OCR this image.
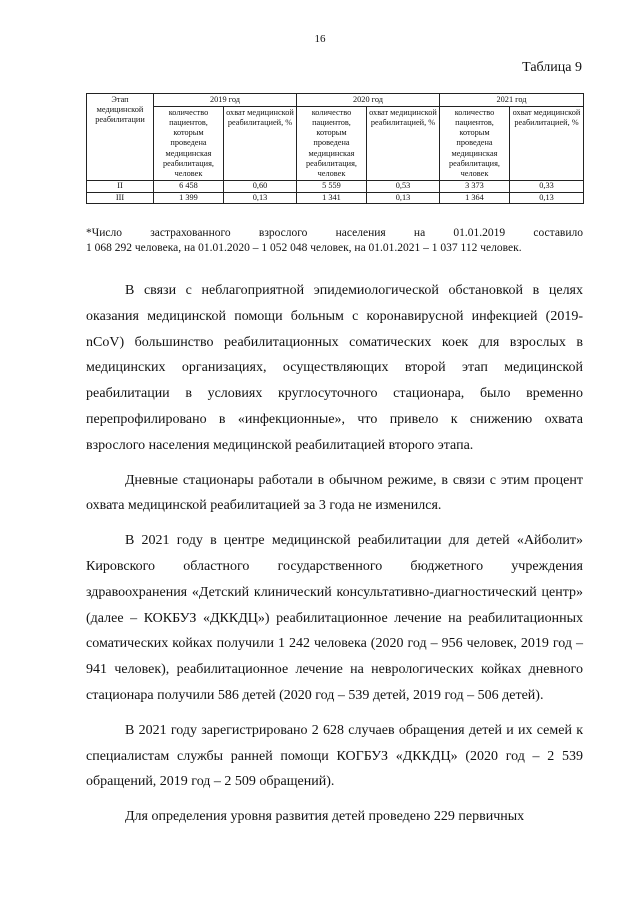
16
Таблица 9
Этап медицинской реабилитации	2019 год		2020 год		2021 год	
	количество пациентов, которым проведена медицинская реабилитация, человек	охват медицинской реабилитацией, %	количество пациентов, которым проведена медицинская реабилитация, человек	охват медицинской реабилитацией, %	количество пациентов, которым проведена медицинская реабилитация, человек	охват медицинской реабилитацией, %
II	6 458	0,60	5 559	0,53	3 373	0,33
III	1 399	0,13	1 341	0,13	1 364	0,13
*Число застрахованного взрослого населения на 01.01.2019 составило
1 068 292 человека, на 01.01.2020 – 1 052 048 человек, на 01.01.2021 – 1 037 112 человек.

В связи с неблагоприятной эпидемиологической обстановкой в целях оказания медицинской помощи больным с коронавирусной инфекцией (2019-nCoV) большинство реабилитационных соматических коек для взрослых в медицинских организациях, осуществляющих второй этап медицинской реабилитации в условиях круглосуточного стационара, было временно перепрофилировано в «инфекционные», что привело к снижению охвата взрослого населения медицинской реабилитацией второго этапа.

Дневные стационары работали в обычном режиме, в связи с этим процент охвата медицинской реабилитацией за 3 года не изменился.

В 2021 году в центре медицинской реабилитации для детей «Айболит» Кировского областного государственного бюджетного учреждения здравоохранения «Детский клинический консультативно-диагностический центр» (далее – КОКБУЗ «ДККДЦ») реабилитационное лечение на реабилитационных соматических койках получили 1 242 человека (2020 год – 956 человек, 2019 год – 941 человек), реабилитационное лечение на неврологических койках дневного стационара получили 586 детей (2020 год – 539 детей, 2019 год – 506 детей).

В 2021 году зарегистрировано 2 628 случаев обращения детей и их семей к специалистам службы ранней помощи КОГБУЗ «ДККДЦ» (2020 год – 2 539 обращений, 2019 год – 2 509 обращений).

Для определения уровня развития детей проведено 229 первичных
